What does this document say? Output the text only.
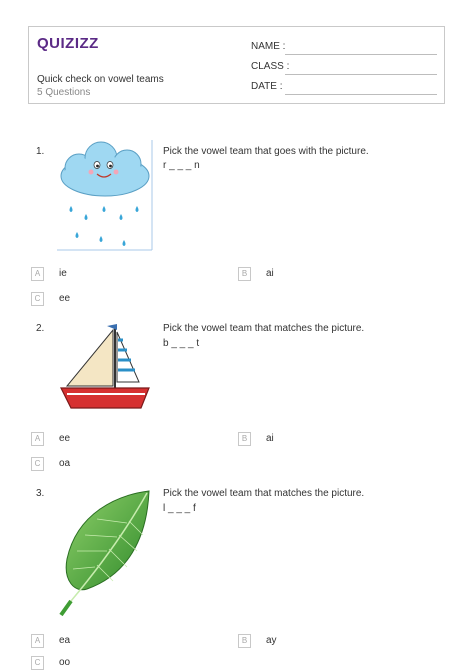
QUIZIZZ
Quick check on vowel teams
5 Questions
NAME :
CLASS :
DATE :
1.	Pick the vowel team that goes with the picture.
r _ _ _ n
A	ie	B	ai
C	ee
2.	Pick the vowel team that matches the picture.
b _ _ _ t
A	ee	B	ai
C	oa
3.	Pick the vowel team that matches the picture.
l _ _ _ f
A	ea	B	ay
C	oo
